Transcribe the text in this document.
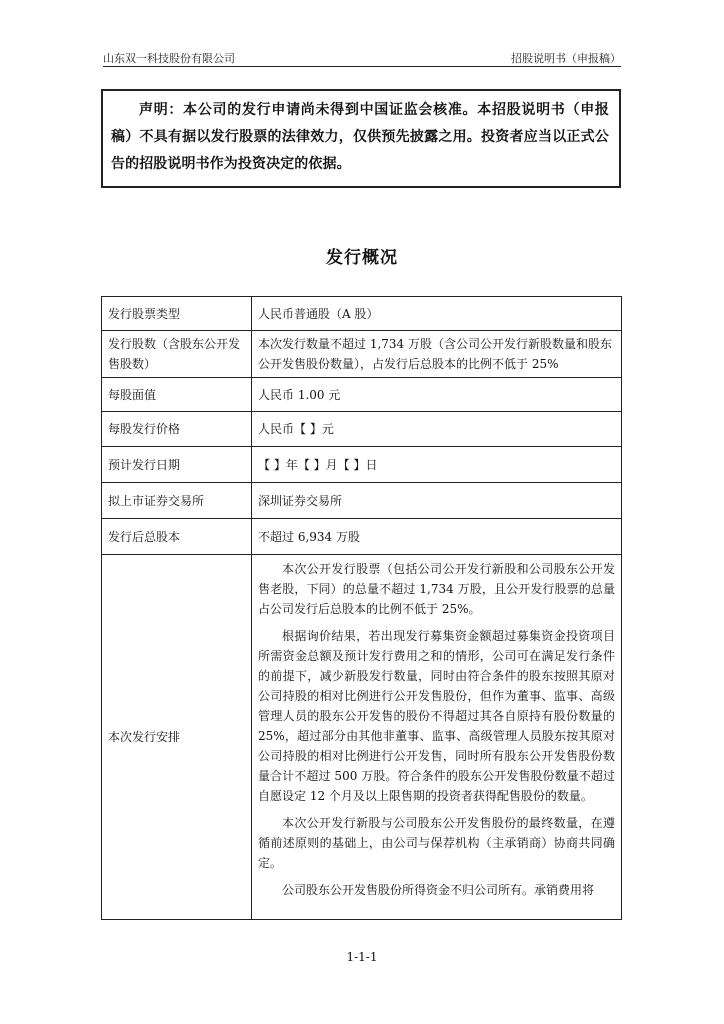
山东双一科技股份有限公司	招股说明书（申报稿）

声明：本公司的发行申请尚未得到中国证监会核准。本招股说明书（申报稿）不具有据以发行股票的法律效力，仅供预先披露之用。投资者应当以正式公告的招股说明书作为投资决定的依据。

发行概况
发行股票类型	人民币普通股（A 股）
发行股数（含股东公开发售股数）	本次发行数量不超过 1,734 万股（含公司公开发行新股数量和股东公开发售股份数量），占发行后总股本的比例不低于 25%
每股面值	人民币 1.00 元
每股发行价格	人民币【 】元
预计发行日期	【 】年【 】月【 】日
拟上市证券交易所	深圳证券交易所
发行后总股本	不超过 6,934 万股
本次发行安排	本次公开发行股票（包括公司公开发行新股和公司股东公开发售老股，下同）的总量不超过 1,734 万股，且公开发行股票的总量占公司发行后总股本的比例不低于 25%。

根据询价结果，若出现发行募集资金额超过募集资金投资项目所需资金总额及预计发行费用之和的情形，公司可在满足发行条件的前提下，减少新股发行数量，同时由符合条件的股东按照其原对公司持股的相对比例进行公开发售股份，但作为董事、监事、高级管理人员的股东公开发售的股份不得超过其各自原持有股份数量的 25%，超过部分由其他非董事、监事、高级管理人员股东按其原对公司持股的相对比例进行公开发售，同时所有股东公开发售股份数量合计不超过 500 万股。符合条件的股东公开发售股份数量不超过自愿设定 12 个月及以上限售期的投资者获得配售股份的数量。

本次公开发行新股与公司股东公开发售股份的最终数量，在遵循前述原则的基础上，由公司与保荐机构（主承销商）协商共同确定。

公司股东公开发售股份所得资金不归公司所有。承销费用将

1-1-1
